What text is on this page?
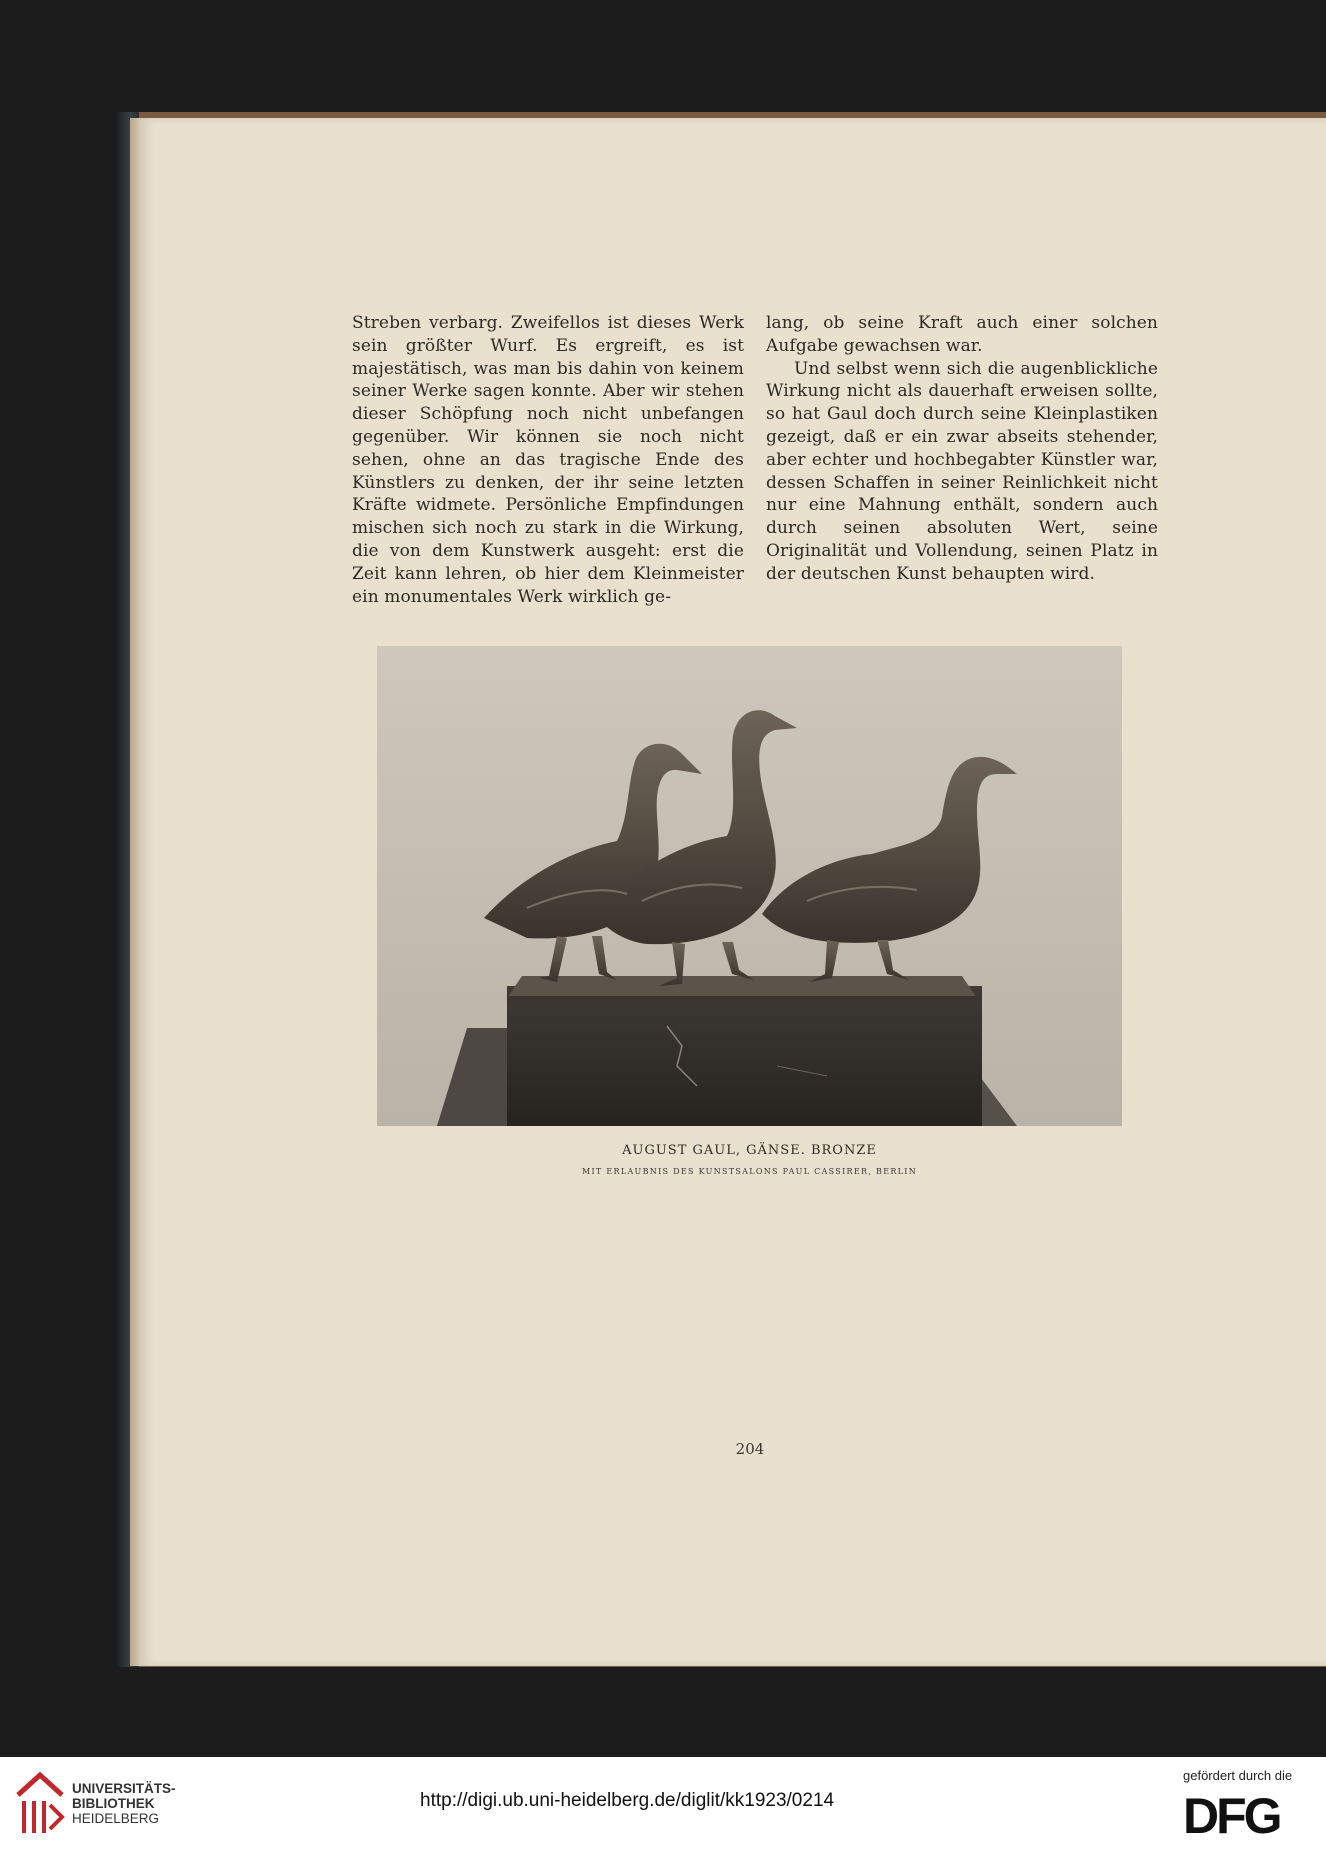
Streben verbarg. Zweifellos ist dieses Werk sein größter Wurf. Es ergreift, es ist majestätisch, was man bis dahin von keinem seiner Werke sagen konnte. Aber wir stehen dieser Schöpfung noch nicht unbefangen gegenüber. Wir können sie noch nicht sehen, ohne an das tragische Ende des Künstlers zu denken, der ihr seine letzten Kräfte widmete. Persönliche Empfindungen mischen sich noch zu stark in die Wirkung, die von dem Kunstwerk ausgeht: erst die Zeit kann lehren, ob hier dem Kleinmeister ein monumentales Werk wirklich ge-

lang, ob seine Kraft auch einer solchen Aufgabe gewachsen war.

Und selbst wenn sich die augenblickliche Wirkung nicht als dauerhaft erweisen sollte, so hat Gaul doch durch seine Kleinplastiken gezeigt, daß er ein zwar abseits stehender, aber echter und hochbegabter Künstler war, dessen Schaffen in seiner Reinlichkeit nicht nur eine Mahnung enthält, sondern auch durch seinen absoluten Wert, seine Originalität und Vollendung, seinen Platz in der deutschen Kunst behaupten wird.

AUGUST GAUL, GÄNSE. BRONZE
MIT ERLAUBNIS DES KUNSTSALONS PAUL CASSIRER, BERLIN
204
UNIVERSITÄTS-
BIBLIOTHEK
HEIDELBERG
http://digi.ub.uni-heidelberg.de/diglit/kk1923/0214
gefördert durch die
DFG
